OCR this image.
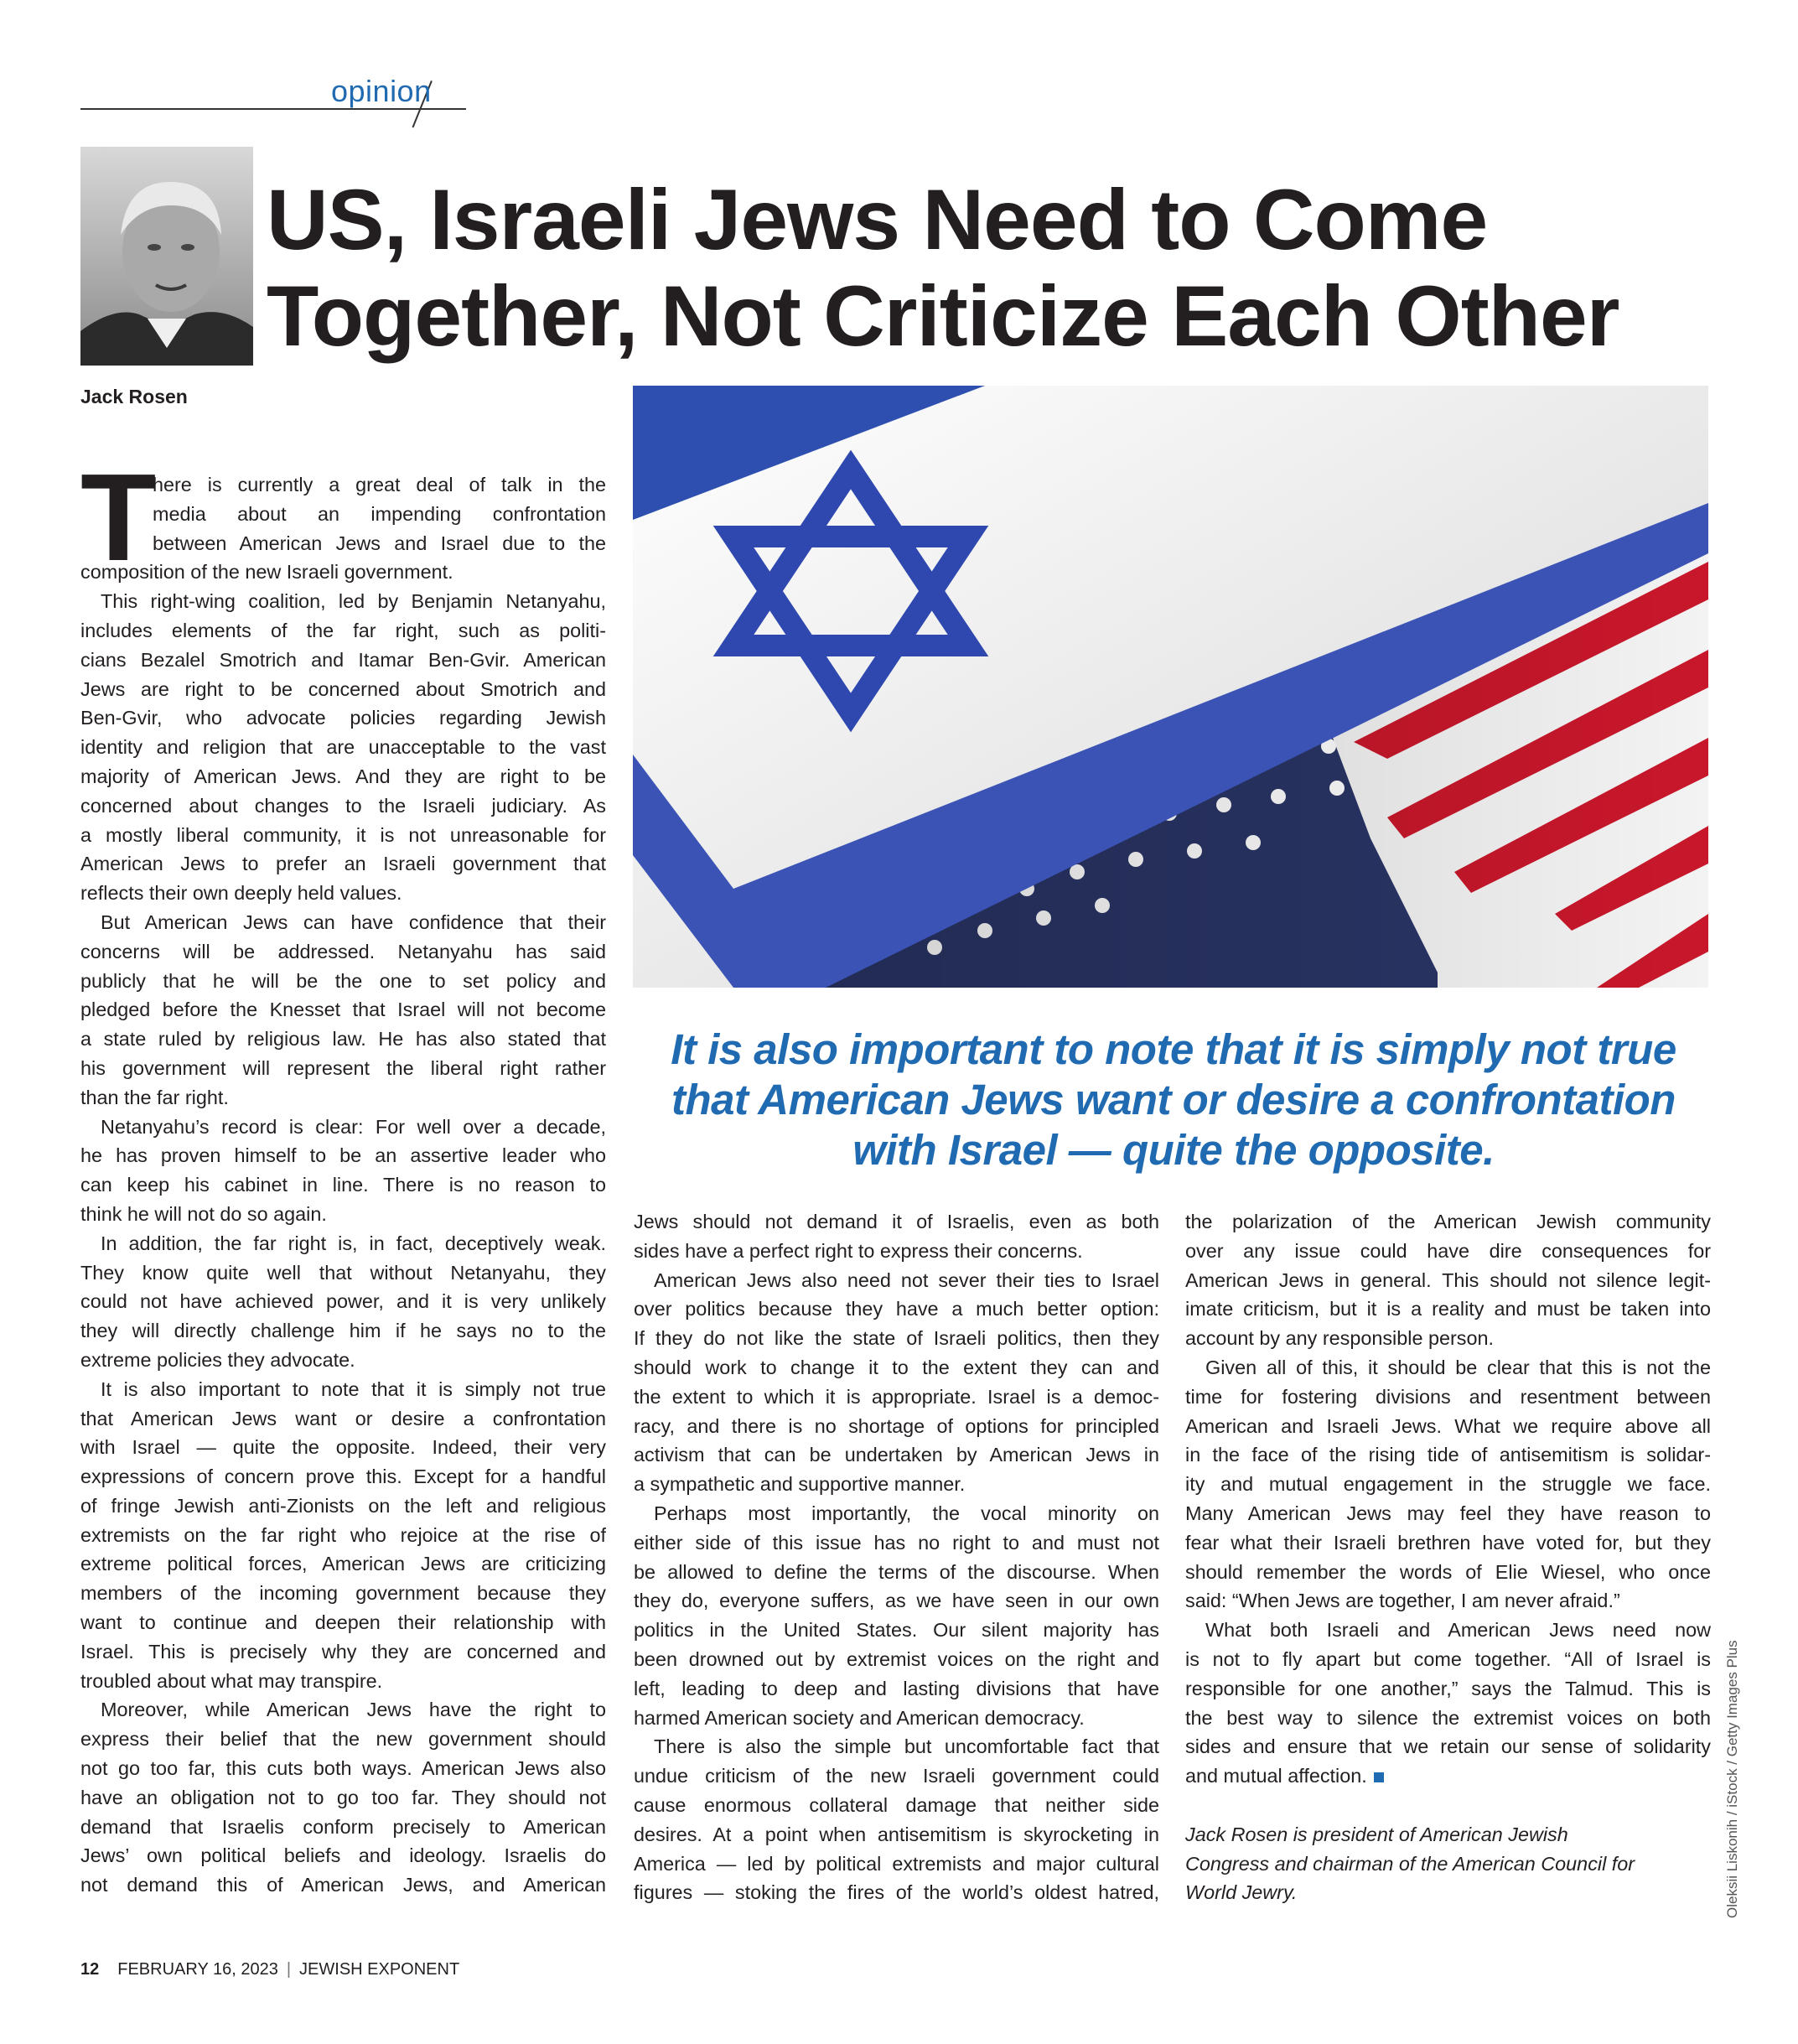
opinion
US, Israeli Jews Need to Come
Together, Not Criticize Each Other
Jack Rosen
It is also important to note that it is simply not true
that American Jews want or desire a confrontation
with Israel — quite the opposite.
T
here is currently a great deal of talk in the
media about an impending confrontation
between American Jews and Israel due to the
composition of the new Israeli government.
This right-wing coalition, led by Benjamin Netanyahu,
includes elements of the far right, such as politi-
cians Bezalel Smotrich and Itamar Ben-Gvir. American
Jews are right to be concerned about Smotrich and
Ben-Gvir, who advocate policies regarding Jewish
identity and religion that are unacceptable to the vast
majority of American Jews. And they are right to be
concerned about changes to the Israeli judiciary. As
a mostly liberal community, it is not unreasonable for
American Jews to prefer an Israeli government that
reflects their own deeply held values.
But American Jews can have confidence that their
concerns will be addressed. Netanyahu has said
publicly that he will be the one to set policy and
pledged before the Knesset that Israel will not become
a state ruled by religious law. He has also stated that
his government will represent the liberal right rather
than the far right.
Netanyahu’s record is clear: For well over a decade,
he has proven himself to be an assertive leader who
can keep his cabinet in line. There is no reason to
think he will not do so again.
In addition, the far right is, in fact, deceptively weak.
They know quite well that without Netanyahu, they
could not have achieved power, and it is very unlikely
they will directly challenge him if he says no to the
extreme policies they advocate.
It is also important to note that it is simply not true
that American Jews want or desire a confrontation
with Israel — quite the opposite. Indeed, their very
expressions of concern prove this. Except for a handful
of fringe Jewish anti-Zionists on the left and religious
extremists on the far right who rejoice at the rise of
extreme political forces, American Jews are criticizing
members of the incoming government because they
want to continue and deepen their relationship with
Israel. This is precisely why they are concerned and
troubled about what may transpire.
Moreover, while American Jews have the right to
express their belief that the new government should
not go too far, this cuts both ways. American Jews also
have an obligation not to go too far. They should not
demand that Israelis conform precisely to American
Jews’ own political beliefs and ideology. Israelis do
not demand this of American Jews, and American
Jews should not demand it of Israelis, even as both
sides have a perfect right to express their concerns.
American Jews also need not sever their ties to Israel
over politics because they have a much better option:
If they do not like the state of Israeli politics, then they
should work to change it to the extent they can and
the extent to which it is appropriate. Israel is a democ-
racy, and there is no shortage of options for principled
activism that can be undertaken by American Jews in
a sympathetic and supportive manner.
Perhaps most importantly, the vocal minority on
either side of this issue has no right to and must not
be allowed to define the terms of the discourse. When
they do, everyone suffers, as we have seen in our own
politics in the United States. Our silent majority has
been drowned out by extremist voices on the right and
left, leading to deep and lasting divisions that have
harmed American society and American democracy.
There is also the simple but uncomfortable fact that
undue criticism of the new Israeli government could
cause enormous collateral damage that neither side
desires. At a point when antisemitism is skyrocketing in
America — led by political extremists and major cultural
figures — stoking the fires of the world’s oldest hatred,
the polarization of the American Jewish community
over any issue could have dire consequences for
American Jews in general. This should not silence legit-
imate criticism, but it is a reality and must be taken into
account by any responsible person.
Given all of this, it should be clear that this is not the
time for fostering divisions and resentment between
American and Israeli Jews. What we require above all
in the face of the rising tide of antisemitism is solidar-
ity and mutual engagement in the struggle we face.
Many American Jews may feel they have reason to
fear what their Israeli brethren have voted for, but they
should remember the words of Elie Wiesel, who once
said: “When Jews are together, I am never afraid.”
What both Israeli and American Jews need now
is not to fly apart but come together. “All of Israel is
responsible for one another,” says the Talmud. This is
the best way to silence the extremist voices on both
sides and ensure that we retain our sense of solidarity
and mutual affection.
Jack Rosen is president of American Jewish
Congress and chairman of the American Council for
World Jewry.	Oleksii Liskonih / iStock / Getty Images Plus
12 FEBRUARY 16, 2023 | JEWISH EXPONENT
